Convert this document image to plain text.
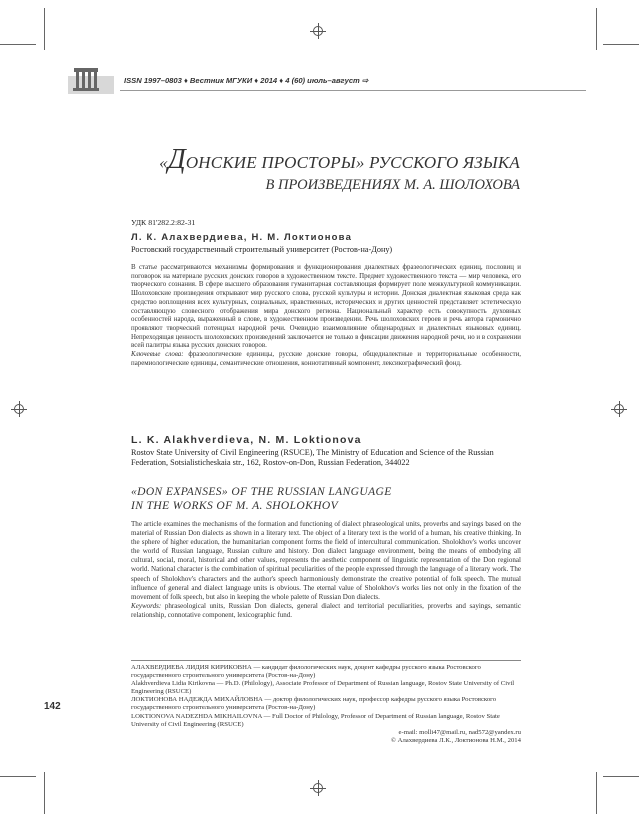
ISSN 1997–0803 ♦ Вестник МГУКИ ♦ 2014 ♦ 4 (60) июль–август ⇨
«ДОНСКИЕ ПРОСТОРЫ» РУССКОГО ЯЗЫКА
В ПРОИЗВЕДЕНИЯХ М. А. ШОЛОХОВА
УДК 81'282.2:82-31
Л. К. Алахвердиева, Н. М. Локтионова
Ростовский государственный строительный университет (Ростов-на-Дону)

В статье рассматриваются механизмы формирования и функционирования диалектных фразеологических единиц, пословиц и поговорок на материале русских донских говоров в художественном тексте. Предмет художественного текста — мир человека, его творческого сознания. В сфере высшего образования гуманитарная составляющая формирует поле межкультурной коммуникации. Шолоховские произведения открывают мир русского слова, русской культуры и истории. Донская диалектная языковая среда как средство воплощения всех культурных, социальных, нравственных, исторических и других ценностей представляет эстетическую составляющую словесного отображения мира донского региона. Национальный характер есть совокупность духовных особенностей народа, выраженный в слове, в художественном произведении. Речь шолоховских героев и речь автора гармонично проявляют творческий потенциал народной речи. Очевидно взаимовлияние общенародных и диалектных языковых единиц. Непреходящая ценность шолоховских произведений заключается не только в фиксации движения народной речи, но и в сохранении всей палитры языка русских донских говоров.

Ключевые слова: фразеологические единицы, русские донские говоры, общедиалектные и территориальные особенности, паремиологические единицы, семантические отношения, коннотативный компонент, лексикографический фонд.

L. K. Alakhverdieva, N. M. Loktionova
Rostov State University of Civil Engineering (RSUCE), The Ministry of Education and Science of the Russian Federation, Sotsialisticheskaia str., 162, Rostov-on-Don, Russian Federation, 344022
«DON EXPANSES» OF THE RUSSIAN LANGUAGE
IN THE WORKS OF M. A. SHOLOKHOV

The article examines the mechanisms of the formation and functioning of dialect phraseological units, proverbs and sayings based on the material of Russian Don dialects as shown in a literary text. The object of a literary text is the world of a human, his creative thinking. In the sphere of higher education, the humanitarian component forms the field of intercultural communication. Sholokhov's works uncover the world of Russian language, Russian culture and history. Don dialect language environment, being the means of embodying all cultural, social, moral, historical and other values, represents the aesthetic component of linguistic representation of the Don regional world. National character is the combination of spiritual peculiarities of the people expressed through the language of a literary work. The speech of Sholokhov's characters and the author's speech harmoniously demonstrate the creative potential of folk speech. The mutual influence of general and dialect language units is obvious. The eternal value of Sholokhov's works lies not only in the fixation of the movement of folk speech, but also in keeping the whole palette of Russian Don dialects.

Keywords: phraseological units, Russian Don dialects, general dialect and territorial peculiarities, proverbs and sayings, semantic relationship, connotative component, lexicographic fund.

АЛАХВЕРДИЕВА ЛИДИЯ КИРИКОВНА — кандидат филологических наук, доцент кафедры русского языка Ростовского государственного строительного университета (Ростов-на-Дону)

Alakhverdieva Lidia Kirikovna — Ph.D. (Philology), Associate Professor of Department of Russian language, Rostov State University of Civil Engineering (RSUCE)

ЛОКТИОНОВА НАДЕЖДА МИХАЙЛОВНА — доктор филологических наук, профессор кафедры русского языка Ростовского государственного строительного университета (Ростов-на-Дону)

LOKTIONOVA NADEZHDA MIKHAILOVNA — Full Doctor of Philology, Professor of Department of Russian language, Rostov State University of Civil Engineering (RSUCE)

e-mail: molli47@mail.ru, nad572@yandex.ru

© Алахвердиева Л.К., Локтионова Н.М., 2014

142
